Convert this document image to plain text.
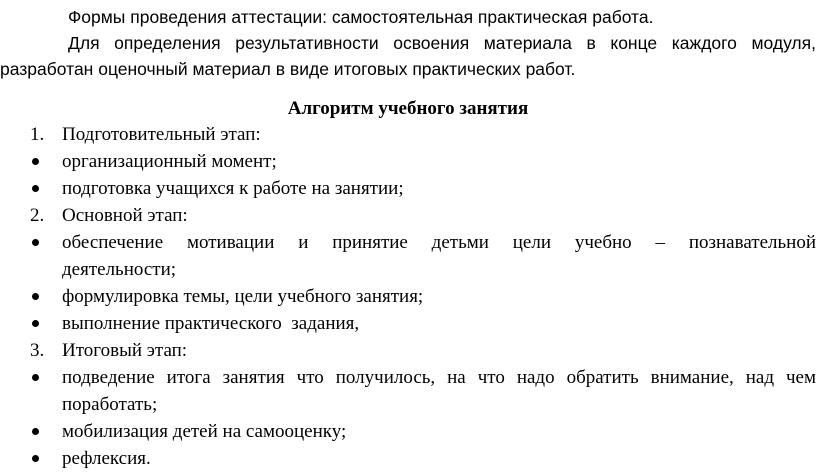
Формы проведения аттестации: самостоятельная практическая работа.
Для определения результативности освоения материала в конце каждого модуля,
разработан оценочный материал в виде итоговых практических работ.
Алгоритм учебного занятия
1. Подготовительный этап:
организационный момент;
подготовка учащихся к работе на занятии;
2. Основной этап:
обеспечение мотивации и принятие детьми цели учебно – познавательной
деятельности;
формулировка темы, цели учебного занятия;
выполнение практического  задания,
3. Итоговый этап:
подведение итога занятия что получилось, на что надо обратить внимание, над чем
поработать;
мобилизация детей на самооценку;
рефлексия.
